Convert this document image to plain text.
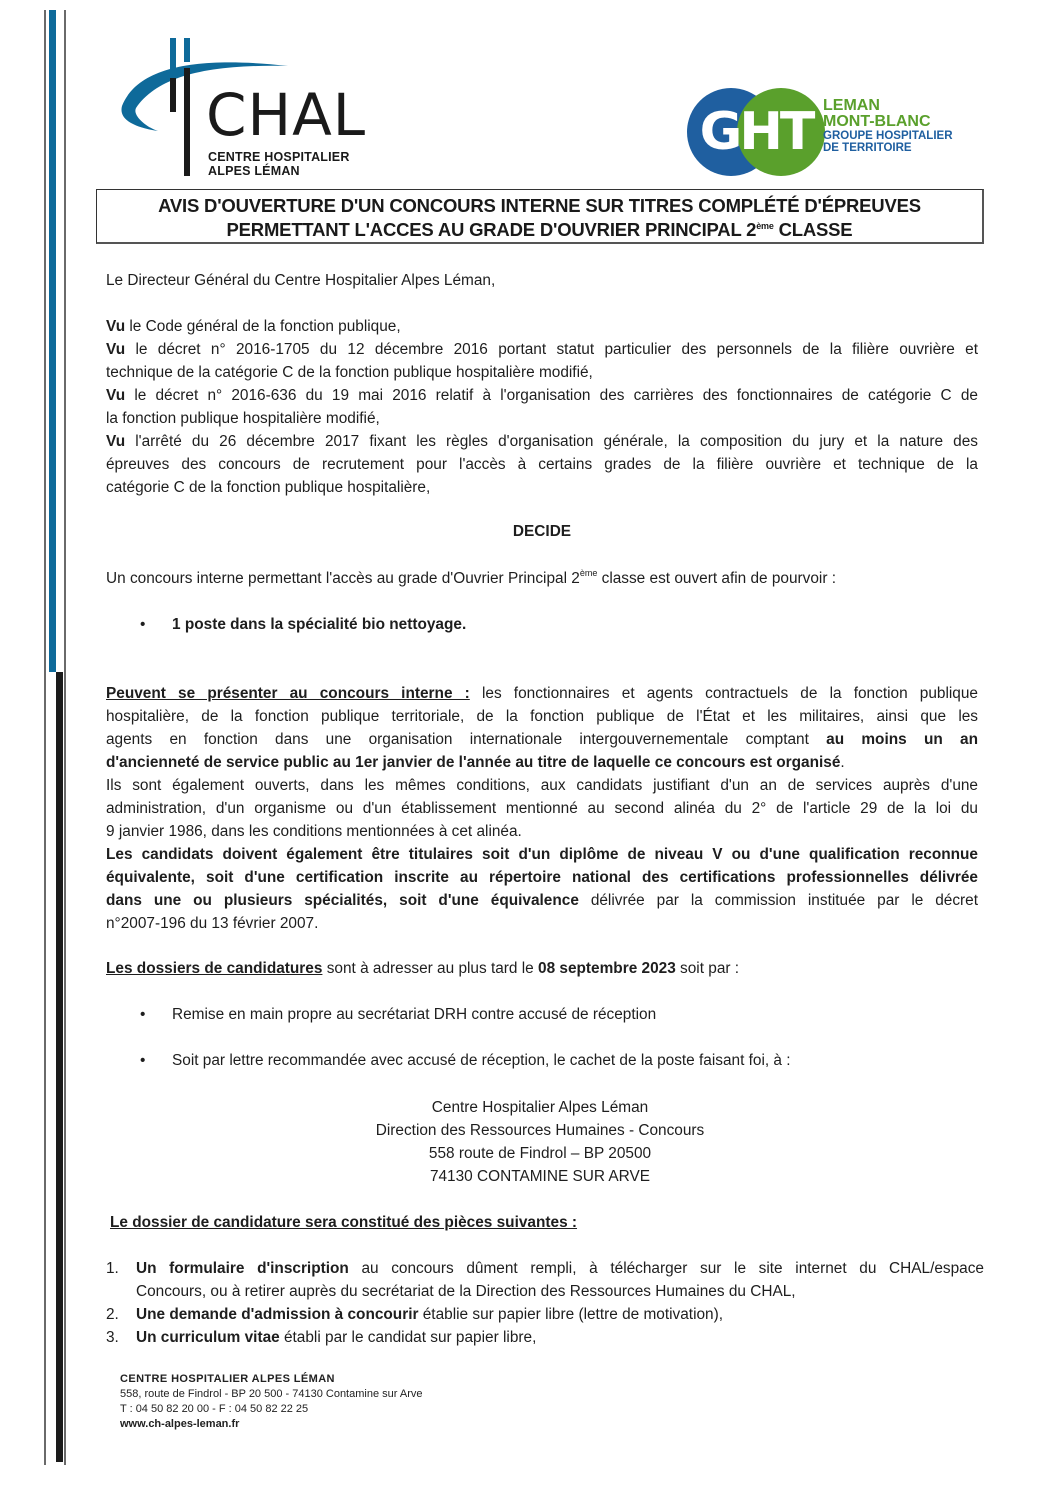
CHAL
CENTRE HOSPITALIER
ALPES LÉMAN
GHT LEMAN
MONT-BLANC
GROUPE HOSPITALIER
DE TERRITOIRE
AVIS D'OUVERTURE D'UN CONCOURS INTERNE SUR TITRES COMPLÉTÉ D'ÉPREUVES
PERMETTANT L'ACCES AU GRADE D'OUVRIER PRINCIPAL 2ème CLASSE
Le Directeur Général du Centre Hospitalier Alpes Léman,
Vu le Code général de la fonction publique,
Vu le décret n° 2016-1705 du 12 décembre 2016 portant statut particulier des personnels de la filière ouvrière et
technique de la catégorie C de la fonction publique hospitalière modifié,
Vu le décret n° 2016-636 du 19 mai 2016 relatif à l'organisation des carrières des fonctionnaires de catégorie C de
la fonction publique hospitalière modifié,
Vu l'arrêté du 26 décembre 2017 fixant les règles d'organisation générale, la composition du jury et la nature des
épreuves des concours de recrutement pour l'accès à certains grades de la filière ouvrière et technique de la
catégorie C de la fonction publique hospitalière,
DECIDE
Un concours interne permettant l'accès au grade d'Ouvrier Principal 2ème classe est ouvert afin de pourvoir :
• 1 poste dans la spécialité bio nettoyage.
Peuvent se présenter au concours interne : les fonctionnaires et agents contractuels de la fonction publique
hospitalière, de la fonction publique territoriale, de la fonction publique de l'État et les militaires, ainsi que les
agents en fonction dans une organisation internationale intergouvernementale comptant au moins un an
d'ancienneté de service public au 1er janvier de l'année au titre de laquelle ce concours est organisé.
Ils sont également ouverts, dans les mêmes conditions, aux candidats justifiant d'un an de services auprès d'une
administration, d'un organisme ou d'un établissement mentionné au second alinéa du 2° de l'article 29 de la loi du
9 janvier 1986, dans les conditions mentionnées à cet alinéa.
Les candidats doivent également être titulaires soit d'un diplôme de niveau V ou d'une qualification reconnue
équivalente, soit d'une certification inscrite au répertoire national des certifications professionnelles délivrée
dans une ou plusieurs spécialités, soit d'une équivalence délivrée par la commission instituée par le décret
n°2007-196 du 13 février 2007.
Les dossiers de candidatures sont à adresser au plus tard le 08 septembre 2023 soit par :
• Remise en main propre au secrétariat DRH contre accusé de réception
• Soit par lettre recommandée avec accusé de réception, le cachet de la poste faisant foi, à :
Centre Hospitalier Alpes Léman
Direction des Ressources Humaines - Concours
558 route de Findrol – BP 20500
74130 CONTAMINE SUR ARVE
Le dossier de candidature sera constitué des pièces suivantes :
1. Un formulaire d'inscription au concours dûment rempli, à télécharger sur le site internet du CHAL/espace
Concours, ou à retirer auprès du secrétariat de la Direction des Ressources Humaines du CHAL,
2. Une demande d'admission à concourir établie sur papier libre (lettre de motivation),
3. Un curriculum vitae établi par le candidat sur papier libre,
CENTRE HOSPITALIER ALPES LÉMAN
558, route de Findrol - BP 20 500 - 74130 Contamine sur Arve
T : 04 50 82 20 00 - F : 04 50 82 22 25
www.ch-alpes-leman.fr
